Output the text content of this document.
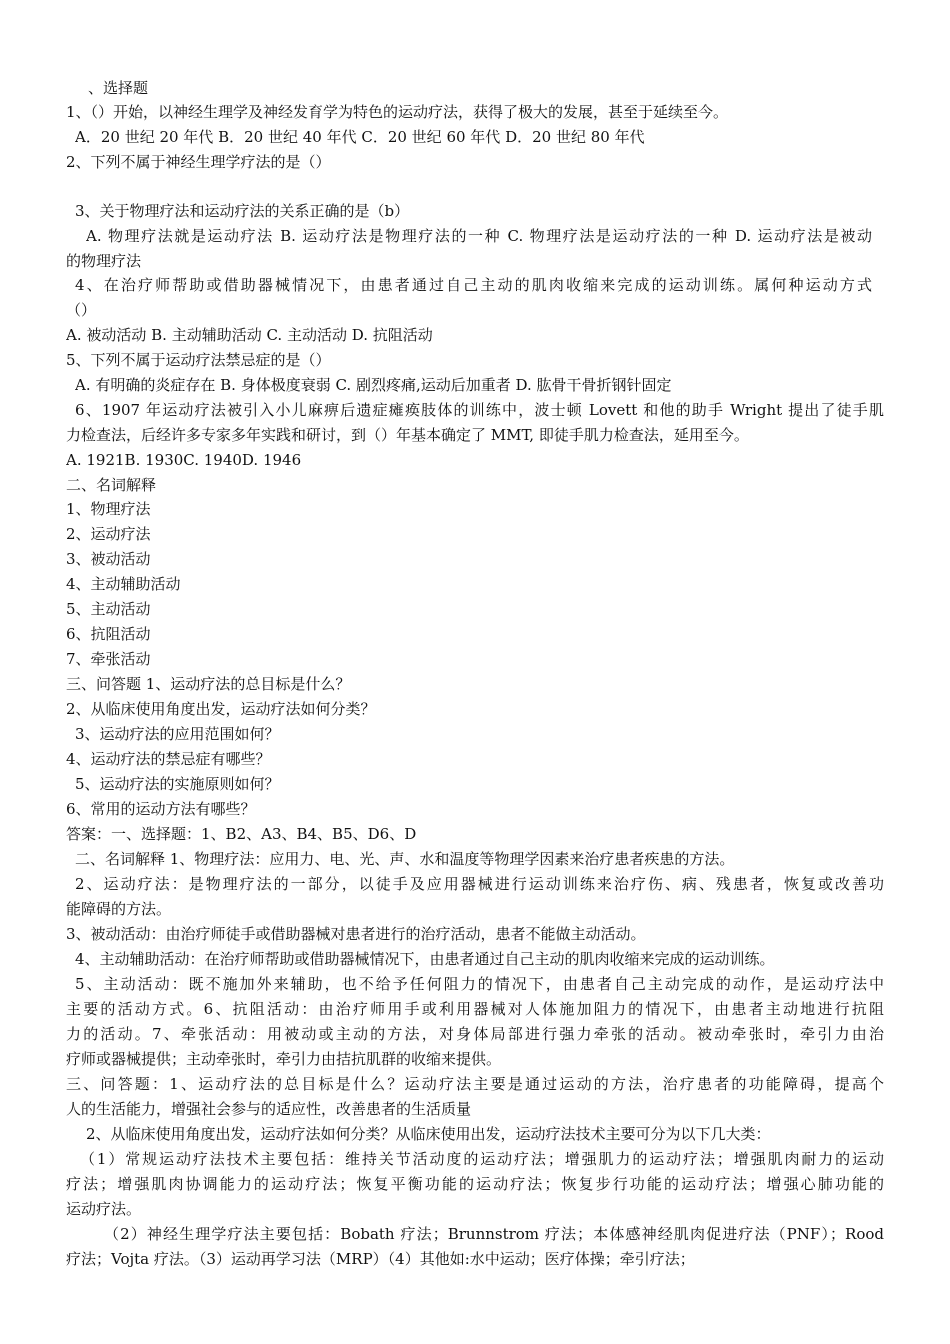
、选择题
1、（）开始，以神经生理学及神经发育学为特色的运动疗法，获得了极大的发展，甚至于延续至今。
A．20 世纪 20 年代 B．20 世纪 40 年代 C．20 世纪 60 年代 D．20 世纪 80 年代
2、下列不属于神经生理学疗法的是（）
3、关于物理疗法和运动疗法的关系正确的是（b）
A. 物理疗法就是运动疗法 B. 运动疗法是物理疗法的一种 C. 物理疗法是运动疗法的一种 D. 运动疗法是被动
的物理疗法
4、在治疗师帮助或借助器械情况下，由患者通过自己主动的肌肉收缩来完成的运动训练。属何种运动方式
（）
A. 被动活动 B. 主动辅助活动 C. 主动活动 D. 抗阻活动
5、下列不属于运动疗法禁忌症的是（）
A. 有明确的炎症存在 B. 身体极度衰弱 C. 剧烈疼痛,运动后加重者 D. 肱骨干骨折钢针固定
6、1907 年运动疗法被引入小儿麻痹后遗症瘫痪肢体的训练中，波士顿 Lovett 和他的助手 Wright 提出了徒手肌
力检查法，后经许多专家多年实践和研讨，到（）年基本确定了 MMT, 即徒手肌力检查法，延用至今。
A. 1921B. 1930C. 1940D. 1946
二、名词解释
1、物理疗法
2、运动疗法
3、被动活动
4、主动辅助活动
5、主动活动
6、抗阻活动
7、牵张活动
三、问答题 1、运动疗法的总目标是什么？
2、从临床使用角度出发，运动疗法如何分类？
3、运动疗法的应用范围如何？
4、运动疗法的禁忌症有哪些？
5、运动疗法的实施原则如何？
6、常用的运动方法有哪些？
答案：一、选择题：1、B2、A3、B4、B5、D6、D
二、名词解释 1、物理疗法：应用力、电、光、声、水和温度等物理学因素来治疗患者疾患的方法。
2、运动疗法：是物理疗法的一部分，以徒手及应用器械进行运动训练来治疗伤、病、残患者，恢复或改善功
能障碍的方法。
3、被动活动：由治疗师徒手或借助器械对患者进行的治疗活动，患者不能做主动活动。
4、主动辅助活动：在治疗师帮助或借助器械情况下，由患者通过自己主动的肌肉收缩来完成的运动训练。
5、主动活动：既不施加外来辅助，也不给予任何阻力的情况下，由患者自己主动完成的动作，是运动疗法中
主要的活动方式。6、抗阻活动：由治疗师用手或利用器械对人体施加阻力的情况下，由患者主动地进行抗阻
力的活动。7、牵张活动：用被动或主动的方法，对身体局部进行强力牵张的活动。被动牵张时，牵引力由治
疗师或器械提供；主动牵张时，牵引力由拮抗肌群的收缩来提供。
三、问答题：1、运动疗法的总目标是什么？运动疗法主要是通过运动的方法，治疗患者的功能障碍，提高个
人的生活能力，增强社会参与的适应性，改善患者的生活质量
2、从临床使用角度出发，运动疗法如何分类？从临床使用出发，运动疗法技术主要可分为以下几大类：
（1）常规运动疗法技术主要包括：维持关节活动度的运动疗法；增强肌力的运动疗法；增强肌肉耐力的运动
疗法；增强肌肉协调能力的运动疗法；恢复平衡功能的运动疗法；恢复步行功能的运动疗法；增强心肺功能的
运动疗法。
（2）神经生理学疗法主要包括：Bobath 疗法；Brunnstrom 疗法；本体感神经肌肉促进疗法（PNF）；Rood
疗法；Vojta 疗法。（3）运动再学习法（MRP）（4）其他如:水中运动；医疗体操；牵引疗法；
